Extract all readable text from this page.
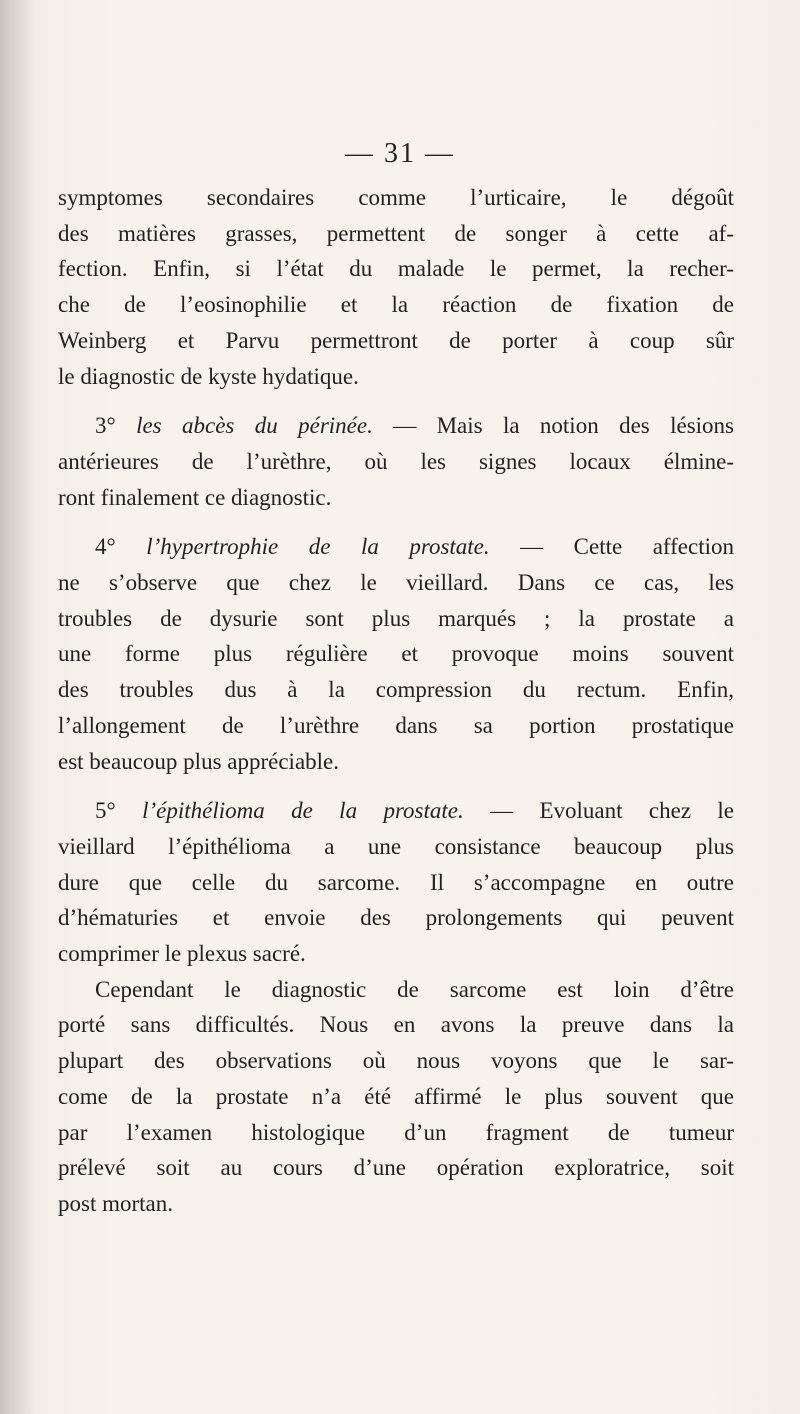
— 31 —

symptomes secondaires comme l’urticaire, le dégoût

des matières grasses, permettent de songer à cette af-

fection. Enfin, si l’état du malade le permet, la recher-

che de l’eosinophilie et la réaction de fixation de

Weinberg et Parvu permettront de porter à coup sûr

le diagnostic de kyste hydatique.

3° les abcès du périnée. — Mais la notion des lésions

antérieures de l’urèthre, où les signes locaux élmine-

ront finalement ce diagnostic.

4° l’hypertrophie de la prostate. — Cette affection

ne s’observe que chez le vieillard. Dans ce cas, les

troubles de dysurie sont plus marqués ; la prostate a

une forme plus régulière et provoque moins souvent

des troubles dus à la compression du rectum. Enfin,

l’allongement de l’urèthre dans sa portion prostatique

est beaucoup plus appréciable.

5° l’épithélioma de la prostate. — Evoluant chez le

vieillard l’épithélioma a une consistance beaucoup plus

dure que celle du sarcome. Il s’accompagne en outre

d’hématuries et envoie des prolongements qui peuvent

comprimer le plexus sacré.

Cependant le diagnostic de sarcome est loin d’être

porté sans difficultés. Nous en avons la preuve dans la

plupart des observations où nous voyons que le sar-

come de la prostate n’a été affirmé le plus souvent que

par l’examen histologique d’un fragment de tumeur

prélevé soit au cours d’une opération exploratrice, soit

post mortan.
